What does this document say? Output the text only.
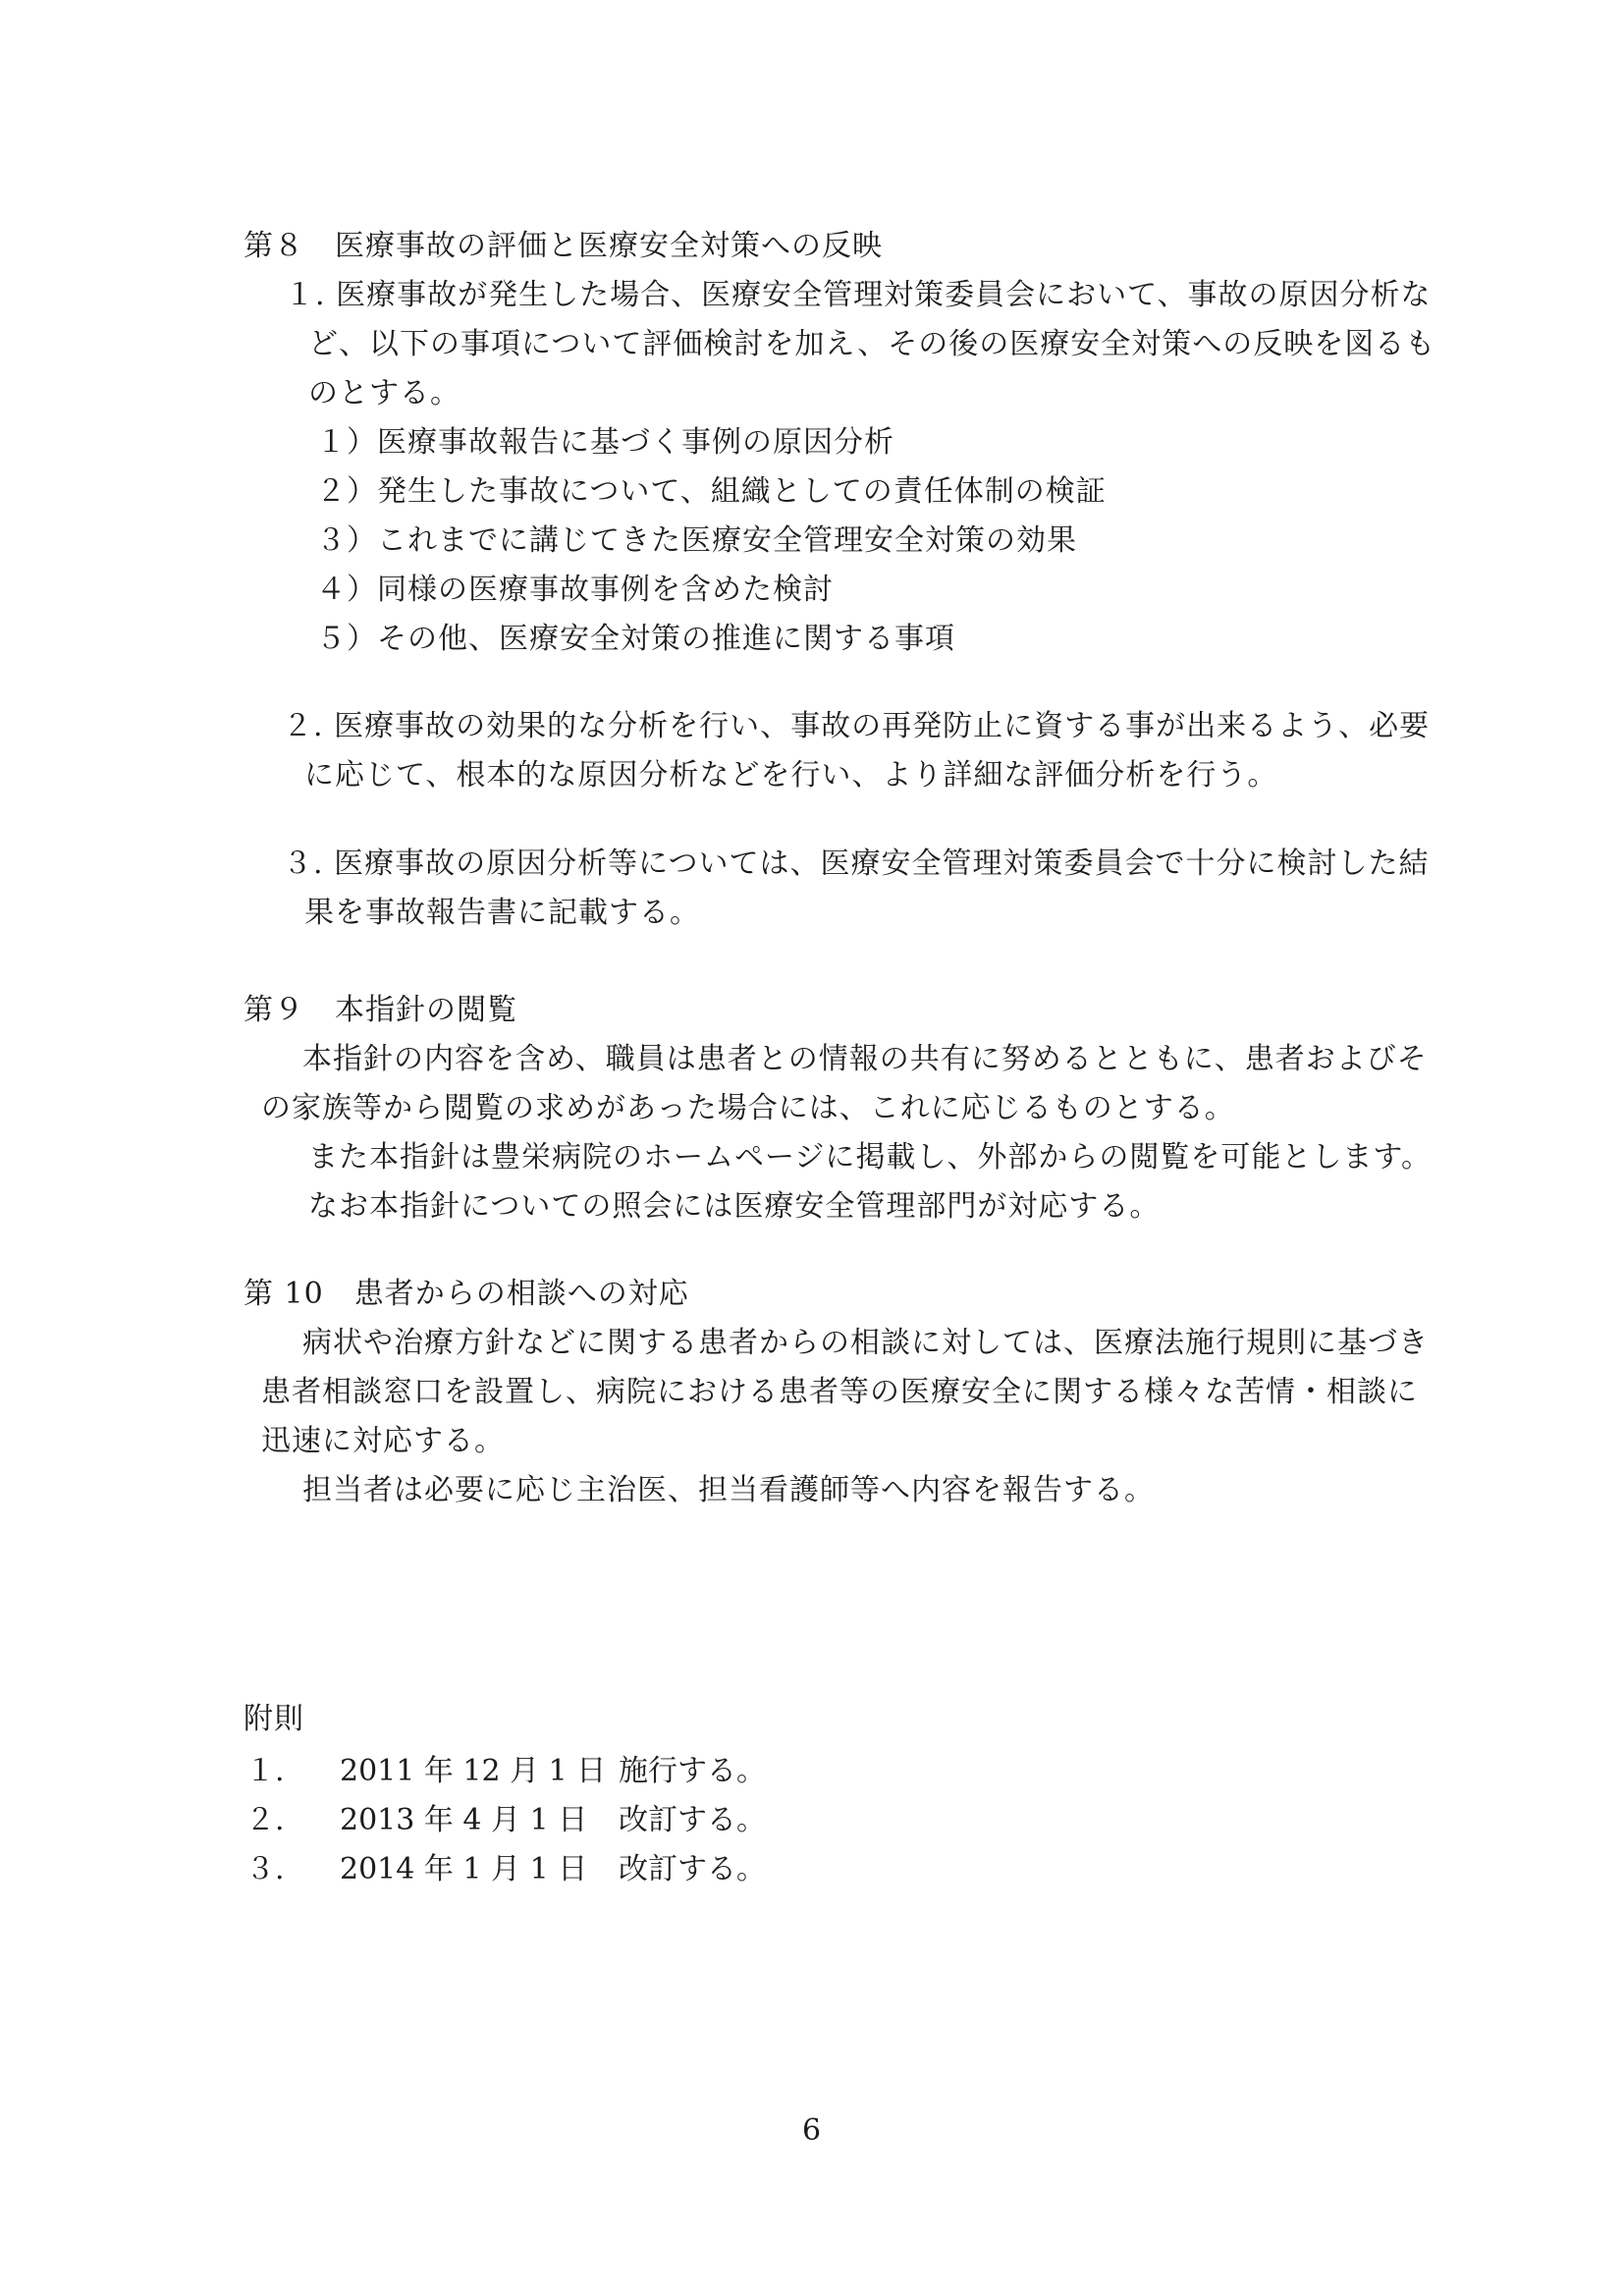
第８　医療事故の評価と医療安全対策への反映
１. 医療事故が発生した場合、医療安全管理対策委員会において、事故の原因分析な
ど、以下の事項について評価検討を加え、その後の医療安全対策への反映を図るも
のとする。
１）医療事故報告に基づく事例の原因分析
２）発生した事故について、組織としての責任体制の検証
３）これまでに講じてきた医療安全管理安全対策の効果
４）同様の医療事故事例を含めた検討
５）その他、医療安全対策の推進に関する事項
２. 医療事故の効果的な分析を行い、事故の再発防止に資する事が出来るよう、必要
に応じて、根本的な原因分析などを行い、より詳細な評価分析を行う。
３. 医療事故の原因分析等については、医療安全管理対策委員会で十分に検討した結
果を事故報告書に記載する。
第９　本指針の閲覧
本指針の内容を含め、職員は患者との情報の共有に努めるとともに、患者およびそ
の家族等から閲覧の求めがあった場合には、これに応じるものとする。
また本指針は豊栄病院のホームページに掲載し、外部からの閲覧を可能とします。
なお本指針についての照会には医療安全管理部門が対応する。
第 10　患者からの相談への対応
病状や治療方針などに関する患者からの相談に対しては、医療法施行規則に基づき
患者相談窓口を設置し、病院における患者等の医療安全に関する様々な苦情・相談に
迅速に対応する。
担当者は必要に応じ主治医、担当看護師等へ内容を報告する。
附則
１. 2011 年 12 月 1 日 施行する。
２. 2013 年 4 月 1 日 改訂する。
３. 2014 年 1 月 1 日 改訂する。
6
